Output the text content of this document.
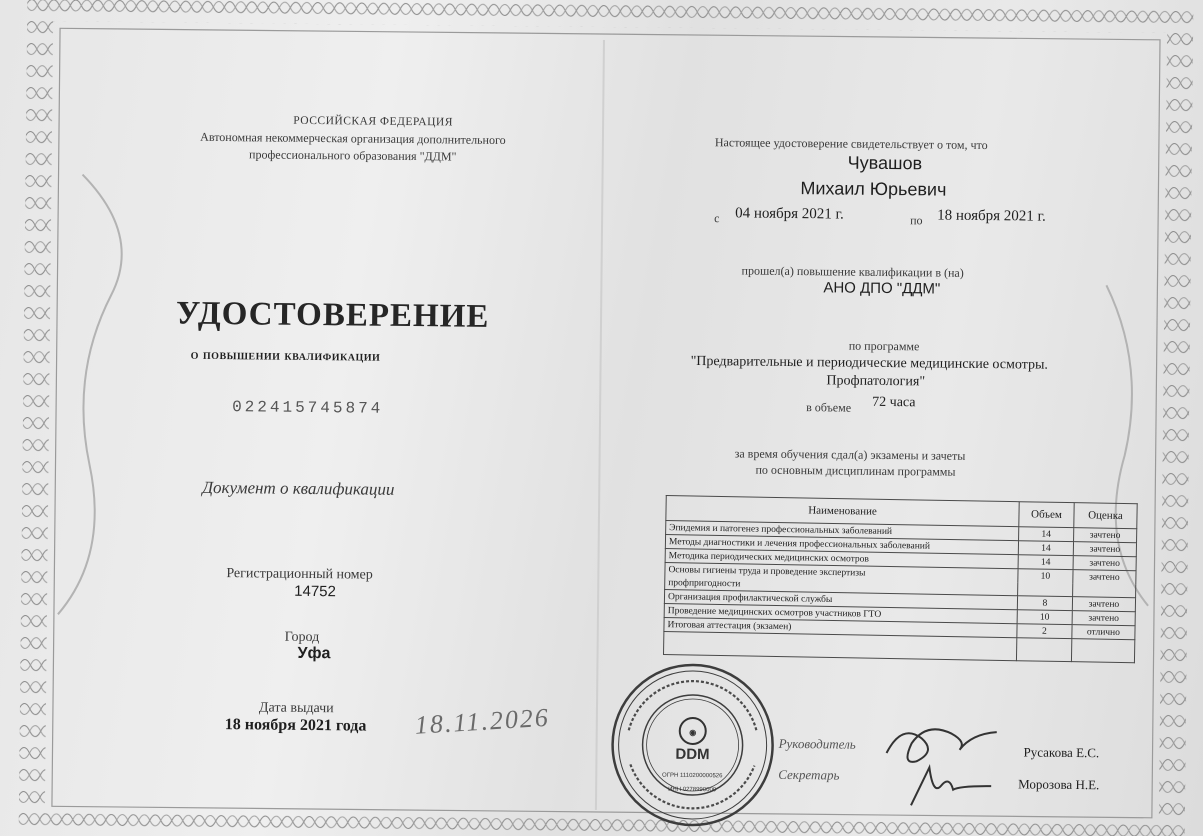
РОССИЙСКАЯ ФЕДЕРАЦИЯ
Автономная некоммерческая организация дополнительного
профессионального образования "ДДМ"
УДОСТОВЕРЕНИЕ
о повышении квалификации
022415745874
Документ о квалификации
Регистрационный номер
14752
Город
Уфа
Дата выдачи
18 ноября 2021 года 18.11.2026
Настоящее удостоверение свидетельствует о том, что
Чувашов
Михаил Юрьевич
с 04 ноября 2021 г.	по 18 ноября 2021 г.
прошел(а) повышение квалификации в (на)
АНО ДПО "ДДМ"
по программе
"Предварительные и периодические медицинские осмотры.
Профпатология"
в объеме 72 часа
за время обучения сдал(а) экзамены и зачеты
по основным дисциплинам программы
Наименование	Объем	Оценка
Эпидемия и патогенез профессиональных заболеваний	14	зачтено
Методы диагностики и лечения профессиональных заболеваний	14	зачтено
Методика периодических медицинских осмотров	14	зачтено
Основы гигиены труда и проведение экспертизы	10	зачтено
профпригодности		
Организация профилактической службы	8	зачтено
Проведение медицинских осмотров участников ГТО	10	зачтено
Итоговая аттестация (экзамен)	2	отлично

◉
DDM
ОГРН 1110200000526
ИНН 0278990000
Руководитель
Русакова Е.С.
Секретарь
Морозова Н.Е.
